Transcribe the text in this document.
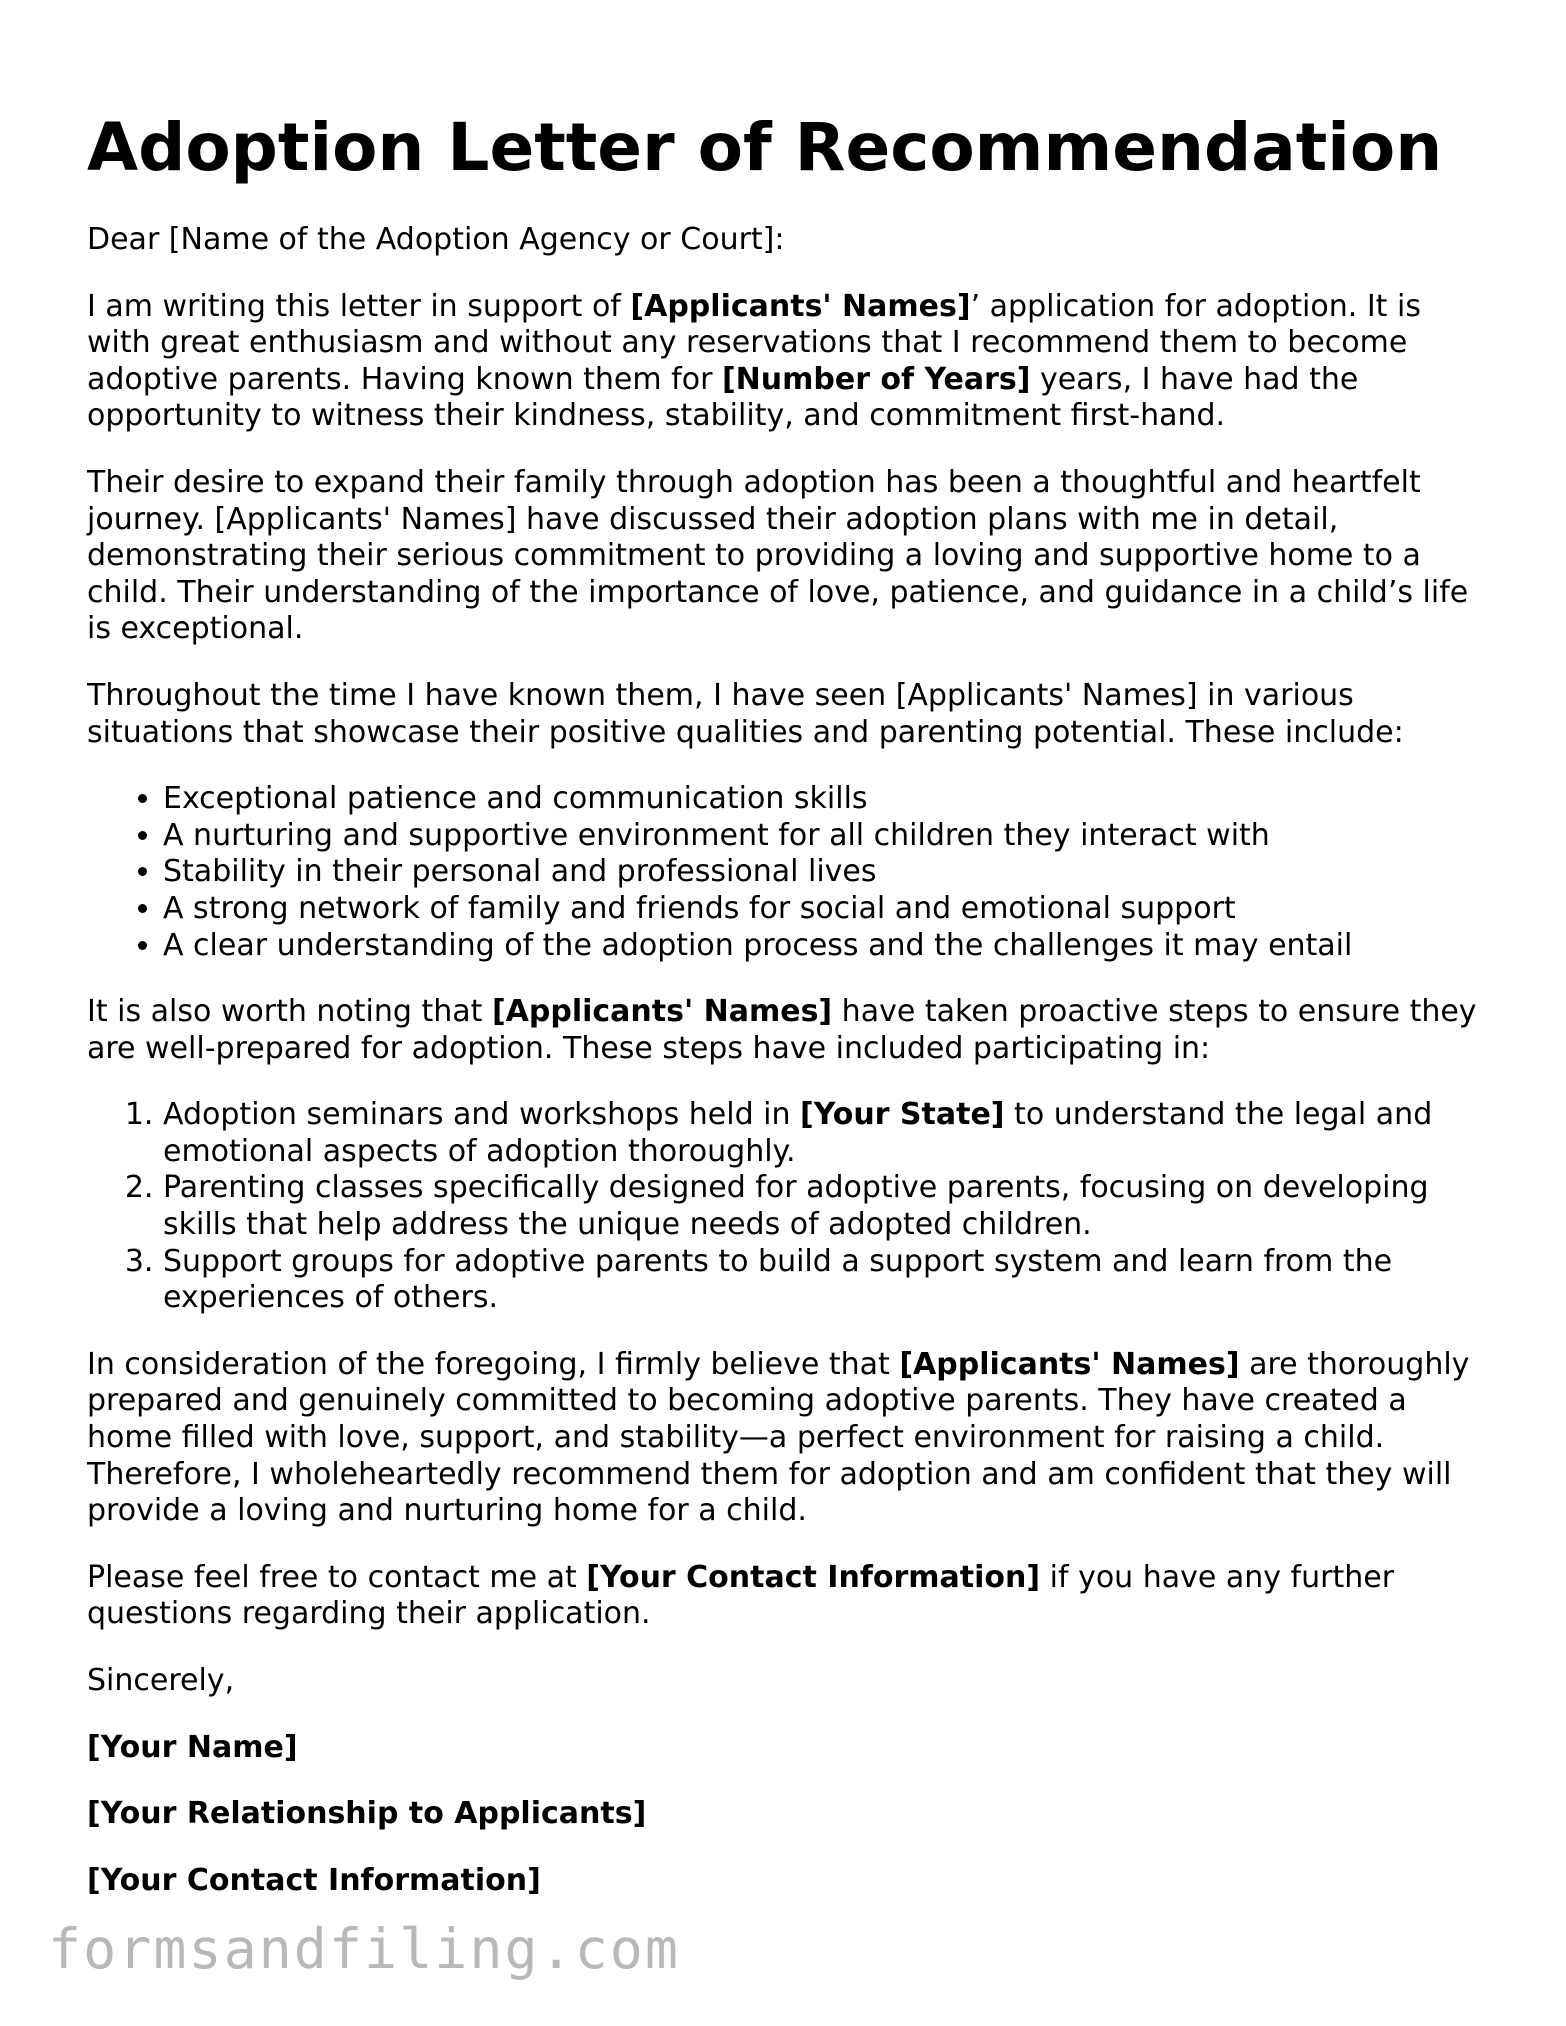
Adoption Letter of Recommendation

Dear [Name of the Adoption Agency or Court]:

I am writing this letter in support of [Applicants' Names]’ application for adoption. It is with great enthusiasm and without any reservations that I recommend them to become adoptive parents. Having known them for [Number of Years] years, I have had the opportunity to witness their kindness, stability, and commitment first-hand.

Their desire to expand their family through adoption has been a thoughtful and heartfelt journey. [Applicants' Names] have discussed their adoption plans with me in detail, demonstrating their serious commitment to providing a loving and supportive home to a child. Their understanding of the importance of love, patience, and guidance in a child’s life is exceptional.

Throughout the time I have known them, I have seen [Applicants' Names] in various situations that showcase their positive qualities and parenting potential. These include:

• Exceptional patience and communication skills
• A nurturing and supportive environment for all children they interact with
• Stability in their personal and professional lives
• A strong network of family and friends for social and emotional support
• A clear understanding of the adoption process and the challenges it may entail

It is also worth noting that [Applicants' Names] have taken proactive steps to ensure they are well-prepared for adoption. These steps have included participating in:

1. Adoption seminars and workshops held in [Your State] to understand the legal and emotional aspects of adoption thoroughly.
2. Parenting classes specifically designed for adoptive parents, focusing on developing skills that help address the unique needs of adopted children.
3. Support groups for adoptive parents to build a support system and learn from the experiences of others.

In consideration of the foregoing, I firmly believe that [Applicants' Names] are thoroughly prepared and genuinely committed to becoming adoptive parents. They have created a home filled with love, support, and stability—a perfect environment for raising a child. Therefore, I wholeheartedly recommend them for adoption and am confident that they will provide a loving and nurturing home for a child.

Please feel free to contact me at [Your Contact Information] if you have any further questions regarding their application.

Sincerely,

[Your Name]

[Your Relationship to Applicants]

[Your Contact Information]

formsandfiling.com
